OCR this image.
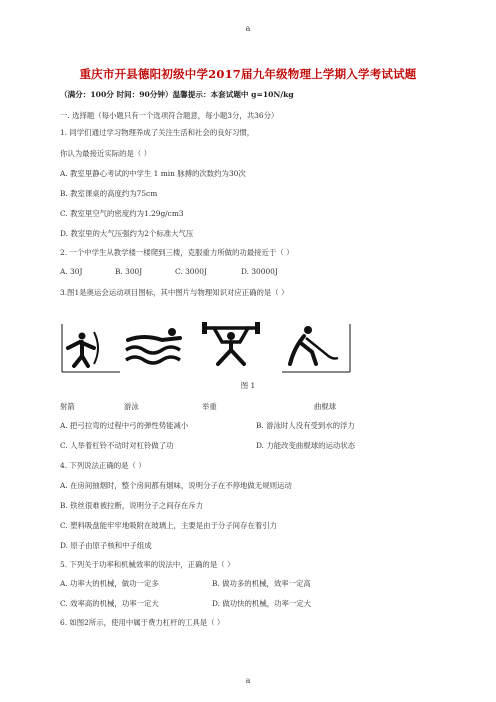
a
重庆市开县德阳初级中学2017届九年级物理上学期入学考试试题
（满分：100分 时间：90分钟）温馨提示：本套试题中 g=10N/kg
一. 选择题（每小题只有一个选项符合题意，每小题3分，共36分）
1. 同学们通过学习物理养成了关注生活和社会的良好习惯，
你认为最接近实际的是（ ）
A. 教室里静心考试的中学生 1 min 脉搏的次数约为30次
B. 教室课桌的高度约为75cm
C. 教室里空气的密度约为1.29g/cm3
D. 教室里的大气压强约为2个标准大气压
2. 一个中学生从教学楼一楼爬到三楼，克服重力所做的功最接近于（ ）
A. 30J	B. 300J	C. 3000J	D. 30000J
3.图1是奥运会运动项目图标，其中图片与物理知识对应正确的是（ ）
图 1
射箭	游泳	举重	曲棍球
A. 把弓拉弯的过程中弓的弹性势能减小	B. 游泳时人没有受到水的浮力
C. 人举着杠铃不动时对杠铃做了功	D. 力能改变曲棍球的运动状态
4. 下列说法正确的是（ ）
A. 在房间抽烟时，整个房间都有烟味，说明分子在不停地做无规则运动
B. 铁丝很难被拉断，说明分子之间存在斥力
C. 塑料吸盘能牢牢地吸附在玻璃上，主要是由于分子间存在着引力
D. 原子由原子核和中子组成
5. 下列关于功率和机械效率的说法中，正确的是（ ）
A. 功率大的机械，做功一定多	B. 做功多的机械，效率一定高
C. 效率高的机械，功率一定大	D. 做功快的机械，功率一定大
6. 如图2所示，使用中属于费力杠杆的工具是（ ）
a
